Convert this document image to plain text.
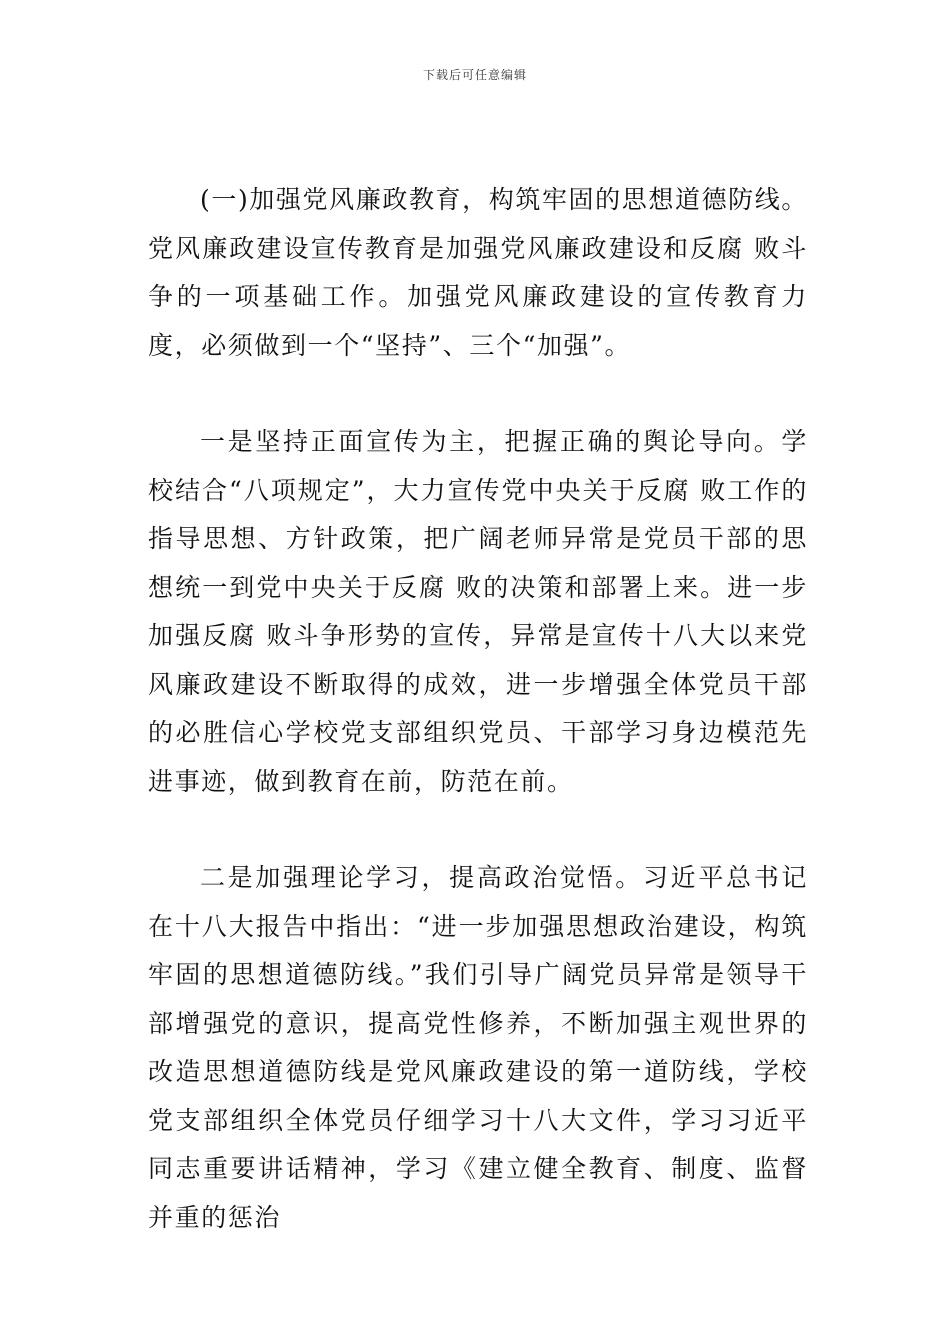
下载后可任意编辑

(一)加强党风廉政教育，构筑牢固的思想道德防线。党风廉政建设宣传教育是加强党风廉政建设和反腐 败斗争的一项基础工作。加强党风廉政建设的宣传教育力度，必须做到一个“坚持”、三个“加强”。

一是坚持正面宣传为主，把握正确的舆论导向。学校结合“八项规定”，大力宣传党中央关于反腐 败工作的指导思想、方针政策，把广阔老师异常是党员干部的思想统一到党中央关于反腐 败的决策和部署上来。进一步加强反腐 败斗争形势的宣传，异常是宣传十八大以来党风廉政建设不断取得的成效，进一步增强全体党员干部的必胜信心学校党支部组织党员、干部学习身边模范先进事迹，做到教育在前，防范在前。

二是加强理论学习，提高政治觉悟。习近平总书记在十八大报告中指出：“进一步加强思想政治建设，构筑牢固的思想道德防线。”我们引导广阔党员异常是领导干部增强党的意识，提高党性修养，不断加强主观世界的改造思想道德防线是党风廉政建设的第一道防线，学校党支部组织全体党员仔细学习十八大文件，学习习近平同志重要讲话精神，学习《建立健全教育、制度、监督并重的惩治
